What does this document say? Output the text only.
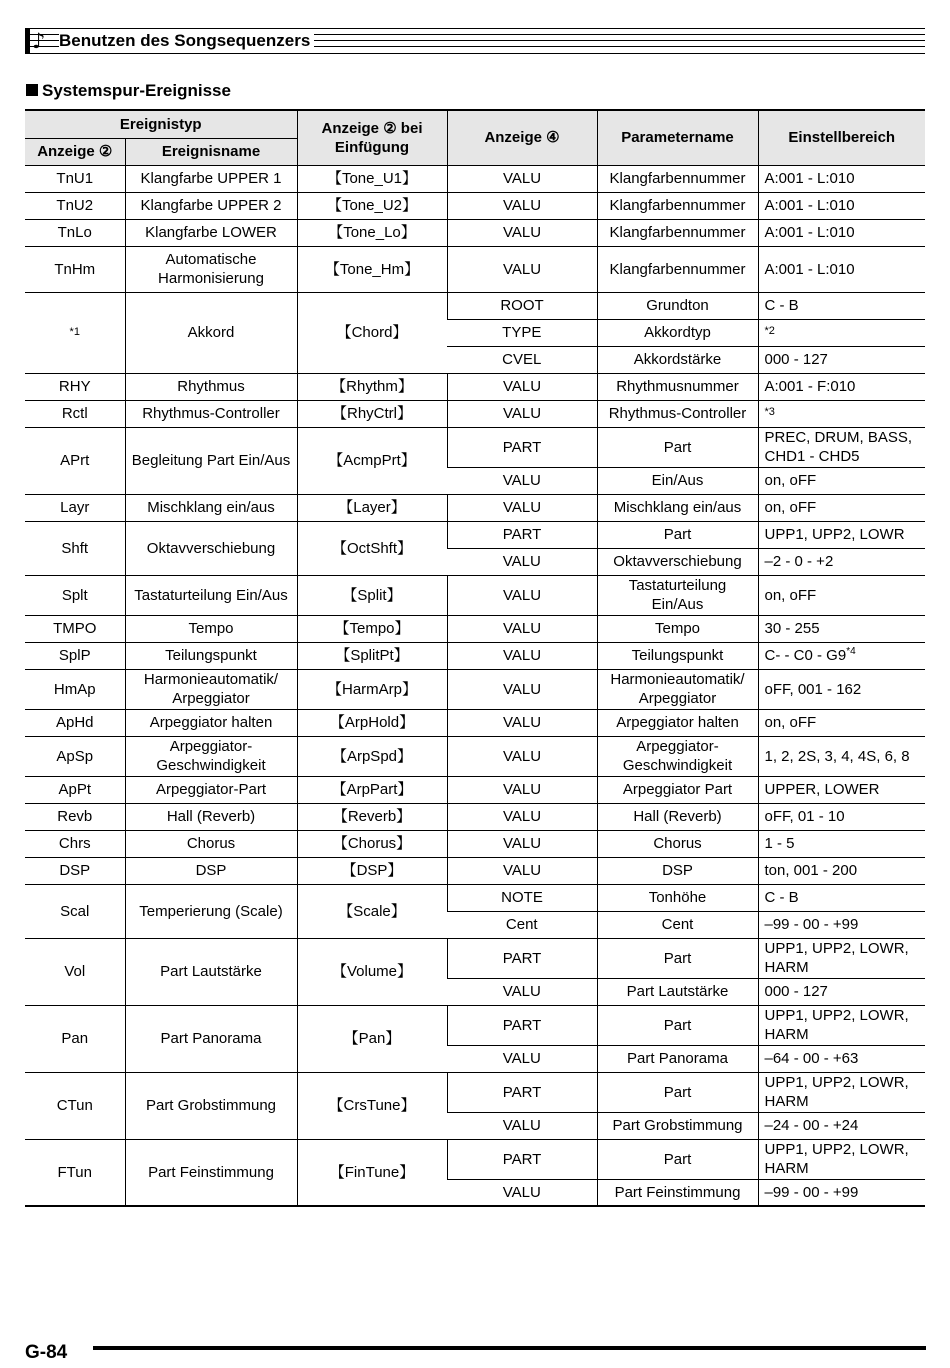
♪ Benutzen des Songsequenzers
Systemspur-Ereignisse
Ereignistyp		Anzeige ② bei Einfügung	Anzeige ④	Parametername	Einstellbereich
Anzeige ②	Ereignisname				
TnU1	Klangfarbe UPPER 1	【Tone_U1】	VALU	Klangfarbennummer	A:001 - L:010
TnU2	Klangfarbe UPPER 2	【Tone_U2】	VALU	Klangfarbennummer	A:001 - L:010
TnLo	Klangfarbe LOWER	【Tone_Lo】	VALU	Klangfarbennummer	A:001 - L:010
TnHm	Automatische Harmonisierung	【Tone_Hm】	VALU	Klangfarbennummer	A:001 - L:010
*1	Akkord	【Chord】	ROOT	Grundton	C - B
			TYPE	Akkordtyp	*2
			CVEL	Akkordstärke	000 - 127
RHY	Rhythmus	【Rhythm】	VALU	Rhythmusnummer	A:001 - F:010
Rctl	Rhythmus-Controller	【RhyCtrl】	VALU	Rhythmus-Controller	*3
APrt	Begleitung Part Ein/Aus	【AcmpPrt】	PART	Part	PREC, DRUM, BASS, CHD1 - CHD5
			VALU	Ein/Aus	on, oFF
Layr	Mischklang ein/aus	【Layer】	VALU	Mischklang ein/aus	on, oFF
Shft	Oktavverschiebung	【OctShft】	PART	Part	UPP1, UPP2, LOWR
			VALU	Oktavverschiebung	–2 - 0 - +2
Splt	Tastaturteilung Ein/Aus	【Split】	VALU	Tastaturteilung Ein/Aus	on, oFF
TMPO	Tempo	【Tempo】	VALU	Tempo	30 - 255
SplP	Teilungspunkt	【SplitPt】	VALU	Teilungspunkt	C- - C0 - G9$^{*4}$
HmAp	Harmonieautomatik/ Arpeggiator	【HarmArp】	VALU	Harmonieautomatik/ Arpeggiator	oFF, 001 - 162
ApHd	Arpeggiator halten	【ArpHold】	VALU	Arpeggiator halten	on, oFF
ApSp	Arpeggiator- Geschwindigkeit	【ArpSpd】	VALU	Arpeggiator- Geschwindigkeit	1, 2, 2S, 3, 4, 4S, 6, 8
ApPt	Arpeggiator-Part	【ArpPart】	VALU	Arpeggiator Part	UPPER, LOWER
Revb	Hall (Reverb)	【Reverb】	VALU	Hall (Reverb)	oFF, 01 - 10
Chrs	Chorus	【Chorus】	VALU	Chorus	1 - 5
DSP	DSP	【DSP】	VALU	DSP	ton, 001 - 200
Scal	Temperierung (Scale)	【Scale】	NOTE	Tonhöhe	C - B
			Cent	Cent	–99 - 00 - +99
Vol	Part Lautstärke	【Volume】	PART	Part	UPP1, UPP2, LOWR, HARM
			VALU	Part Lautstärke	000 - 127
Pan	Part Panorama	【Pan】	PART	Part	UPP1, UPP2, LOWR, HARM
			VALU	Part Panorama	–64 - 00 - +63
CTun	Part Grobstimmung	【CrsTune】	PART	Part	UPP1, UPP2, LOWR, HARM
			VALU	Part Grobstimmung	–24 - 00 - +24
FTun	Part Feinstimmung	【FinTune】	PART	Part	UPP1, UPP2, LOWR, HARM
			VALU	Part Feinstimmung	–99 - 00 - +99
G-84
